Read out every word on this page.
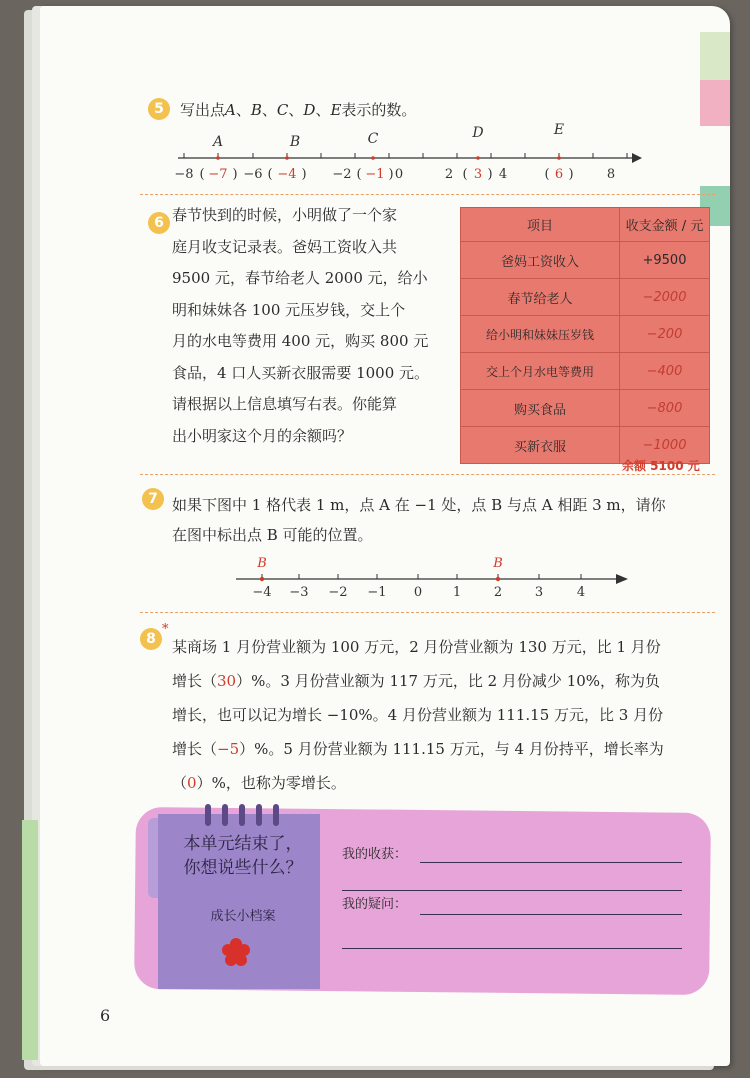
5	写出点A、B、C、D、E表示的数。
A	B	C	D	E
−8 ( −7 ) −6 ( −4 ) −2 ( −1 ) 0	2 ( 3 ) 4	( 6 )	8
6 春节快到的时候，小明做了一个家
庭月收支记录表。爸妈工资收入共
9500 元，春节给老人 2000 元，给小
明和妹妹各 100 元压岁钱，交上个
月的水电等费用 400 元，购买 800 元
食品，4 口人买新衣服需要 1000 元。
请根据以上信息填写右表。你能算
出小明家这个月的余额吗？
项目	收支金额 / 元
爸妈工资收入	+9500
春节给老人	−2000
给小明和妹妹压岁钱	−200
交上个月水电等费用	−400
购买食品	−800
买新衣服	−1000
余额 5100 元
7 如果下图中 1 格代表 1 m，点 A 在 −1 处，点 B 与点 A 相距 3 m，请你
在图中标出点 B 可能的位置。
B	B
−4 −3 −2 −1 0 1	2	3	4
8
*
某商场 1 月份营业额为 100 万元，2 月份营业额为 130 万元，比 1 月份
增长（30）%。3 月份营业额为 117 万元，比 2 月份减少 10%，称为负
增长，也可以记为增长 −10%。4 月份营业额为 111.15 万元，比 3 月份
增长（−5）%。5 月份营业额为 111.15 万元，与 4 月份持平，增长率为
（0）%，也称为零增长。
本单元结束了，
你想说些什么？
成长小档案
我的收获：
我的疑问：
6
